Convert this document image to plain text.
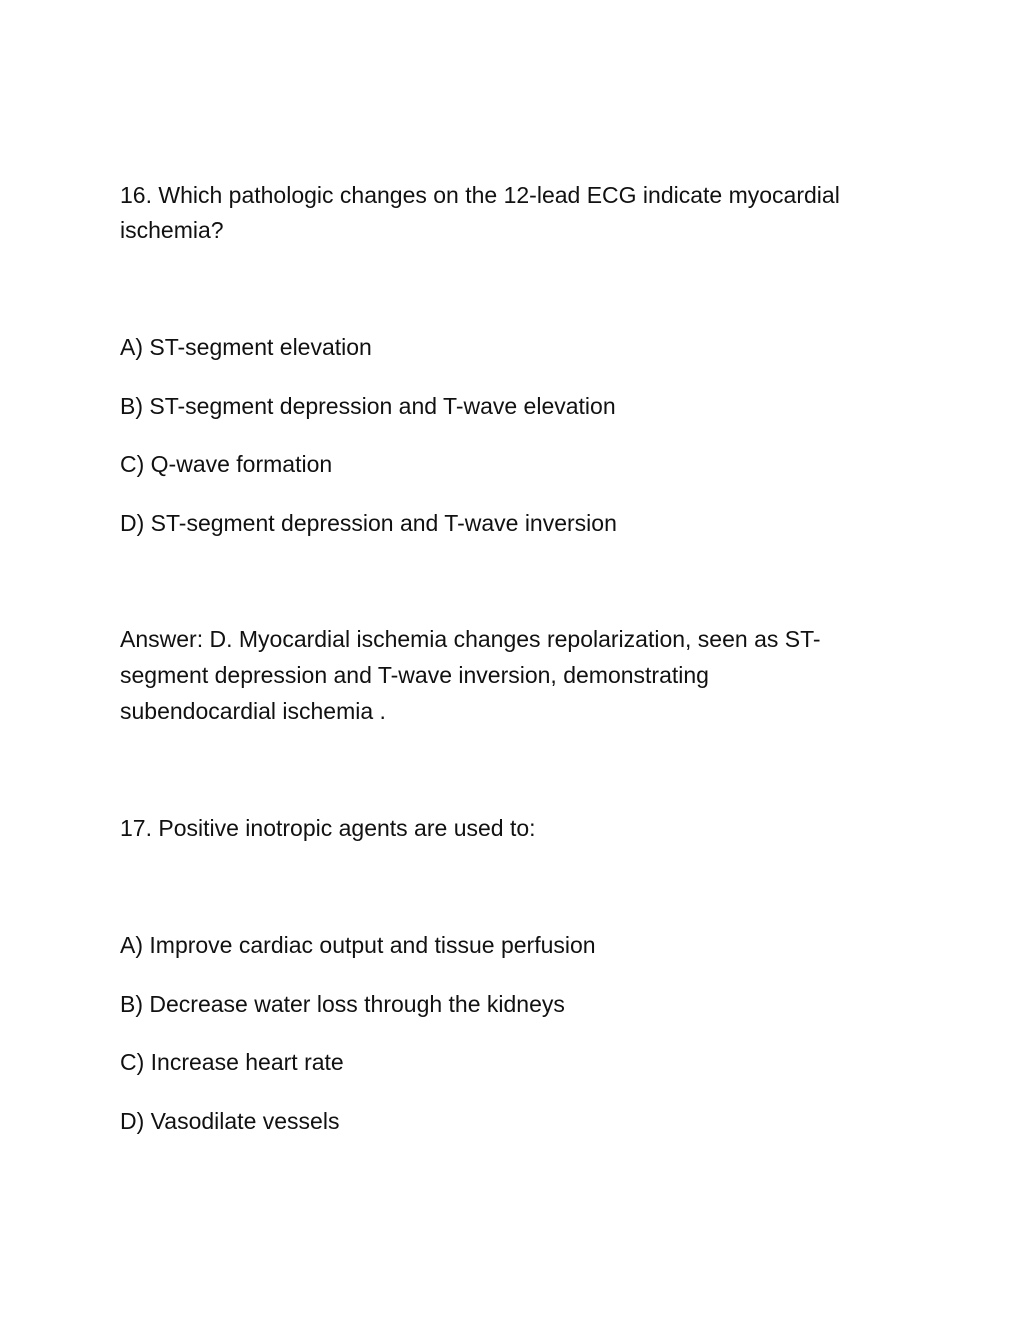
16. Which pathologic changes on the 12-lead ECG indicate myocardial

ischemia?

A) ST-segment elevation

B) ST-segment depression and T-wave elevation

C) Q-wave formation

D) ST-segment depression and T-wave inversion

Answer: D. Myocardial ischemia changes repolarization, seen as ST-

segment depression and T-wave inversion, demonstrating

subendocardial ischemia .

17. Positive inotropic agents are used to:

A) Improve cardiac output and tissue perfusion

B) Decrease water loss through the kidneys

C) Increase heart rate

D) Vasodilate vessels
